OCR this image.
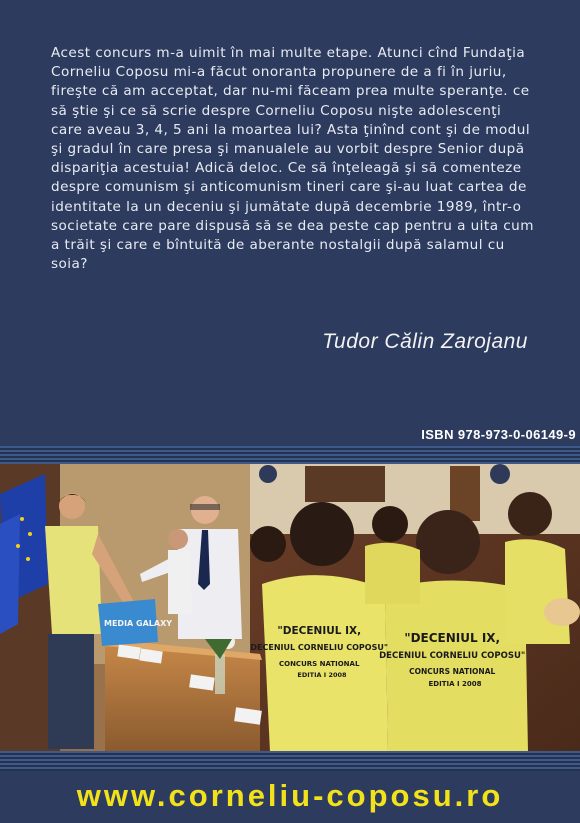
Acest concurs m-a uimit în mai multe etape. Atunci cînd Fundaţia
Corneliu Coposu mi-a făcut onoranta propunere de a fi în juriu,
fireşte că am acceptat, dar nu-mi făceam prea multe speranţe. ce
să ştie şi ce să scrie despre Corneliu Coposu nişte adolescenţi
care aveau 3, 4, 5 ani la moartea lui? Asta ţinînd cont şi de modul
şi gradul în care presa şi manualele au vorbit despre Senior după
dispariţia acestuia! Adică deloc. Ce să înţeleagă şi să comenteze
despre comunism şi anticomunism tineri care şi-au luat cartea de
identitate la un deceniu şi jumătate după decembrie 1989, într-o
societate care pare dispusă să se dea peste cap pentru a uita cum
a trăit şi care e bîntuită de aberante nostalgii după salamul cu soia?
Tudor Călin Zarojanu
ISBN 978-973-0-06149-9
MEDIA GALAXY
"DECENIUL IX, DECENIUL CORNELIU COPOSU" CONCURS NATIONAL EDITIA I 2008
"DECENIUL IX, DECENIUL CORNELIU COPOSU" CONCURS NATIONAL EDITIA I 2008
www.corneliu-coposu.ro
